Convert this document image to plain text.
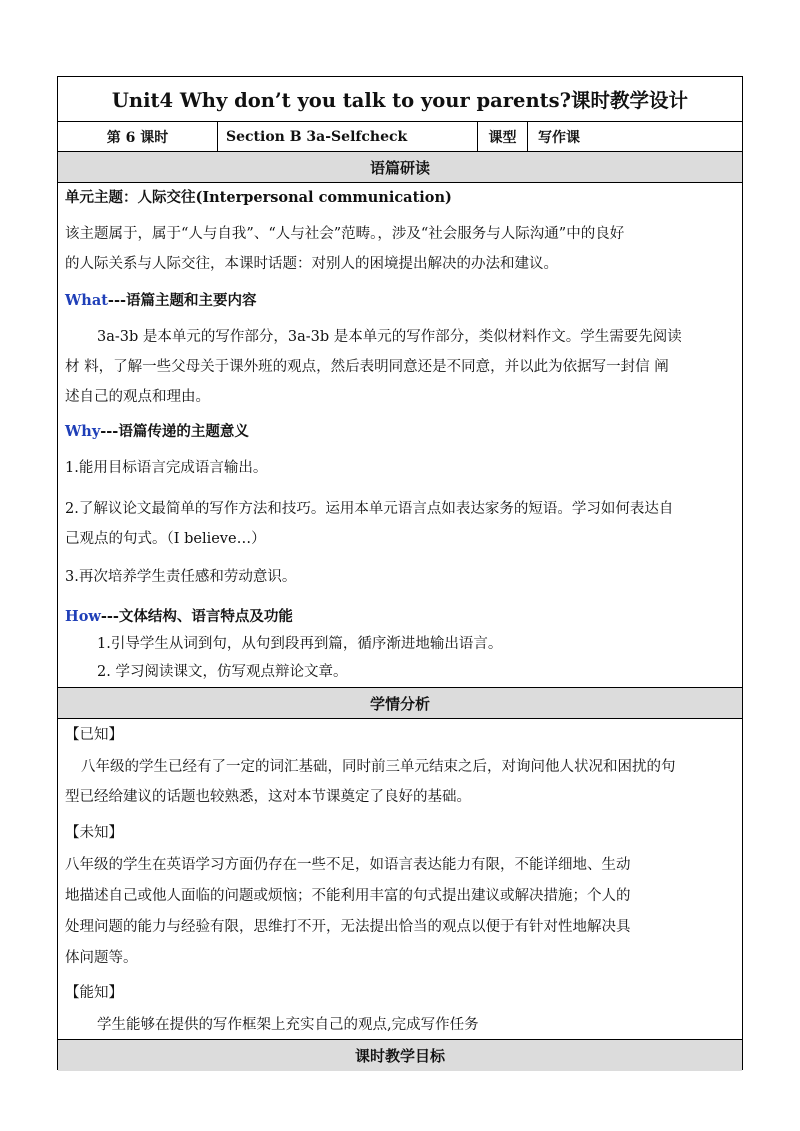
Unit4 Why don’t you talk to your parents?课时教学设计
第 6 课时	Section B 3a-Selfcheck	课型	写作课
语篇研读
单元主题：人际交往(Interpersonal communication)
该主题属于，属于“人与自我”、“人与社会”范畴。，涉及“社会服务与人际沟通”中的良好
的人际关系与人际交往，本课时话题：对别人的困境提出解决的办法和建议。
What---语篇主题和主要内容
3a-3b 是本单元的写作部分，3a-3b 是本单元的写作部分，类似材料作文。学生需要先阅读
材 料，了解一些父母关于课外班的观点，然后表明同意还是不同意，并以此为依据写一封信 阐
述自己的观点和理由。
Why---语篇传递的主题意义
1.能用目标语言完成语言输出。
2.了解议论文最简单的写作方法和技巧。运用本单元语言点如表达家务的短语。学习如何表达自
己观点的句式。（I believe…）
3.再次培养学生责任感和劳动意识。
How---文体结构、语言特点及功能
1.引导学生从词到句，从句到段再到篇，循序渐进地输出语言。
2. 学习阅读课文，仿写观点辩论文章。
学情分析
【已知】
八年级的学生已经有了一定的词汇基础，同时前三单元结束之后，对询问他人状况和困扰的句
型已经给建议的话题也较熟悉，这对本节课奠定了良好的基础。
【未知】
八年级的学生在英语学习方面仍存在一些不足，如语言表达能力有限，不能详细地、生动
地描述自己或他人面临的问题或烦恼；不能利用丰富的句式提出建议或解决措施；个人的
处理问题的能力与经验有限，思维打不开，无法提出恰当的观点以便于有针对性地解决具
体问题等。
【能知】
学生能够在提供的写作框架上充实自己的观点,完成写作任务
课时教学目标
